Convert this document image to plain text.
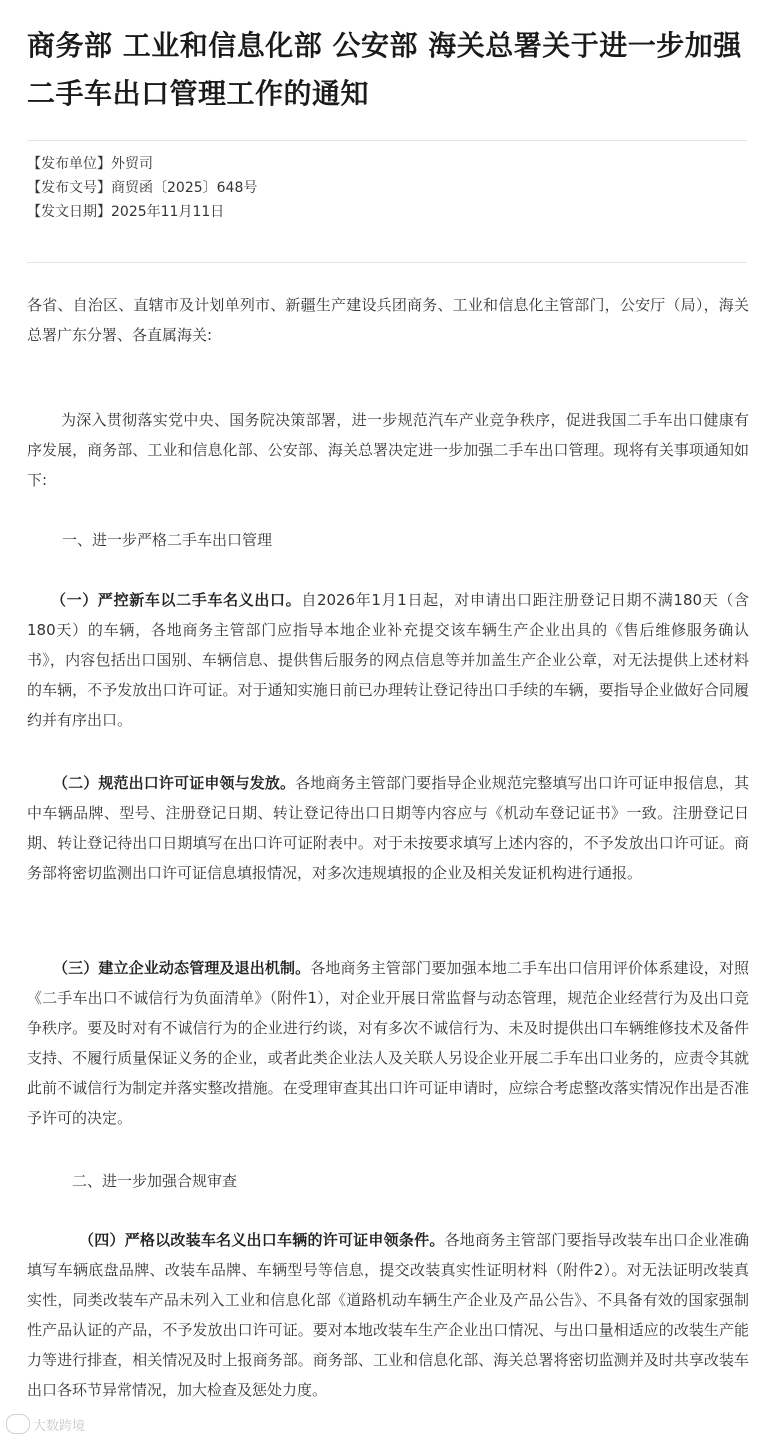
商务部 工业和信息化部 公安部 海关总署关于进一步加强二手车出口管理工作的通知
【发布单位】外贸司
【发布文号】商贸函〔2025〕648号
【发文日期】2025年11月11日

各省、自治区、直辖市及计划单列市、新疆生产建设兵团商务、工业和信息化主管部门，公安厅（局），海关总署广东分署、各直属海关:

为深入贯彻落实党中央、国务院决策部署，进一步规范汽车产业竞争秩序，促进我国二手车出口健康有序发展，商务部、工业和信息化部、公安部、海关总署决定进一步加强二手车出口管理。现将有关事项通知如下:

一、进一步严格二手车出口管理

（一）严控新车以二手车名义出口。自2026年1月1日起，对申请出口距注册登记日期不满180天（含180天）的车辆，各地商务主管部门应指导本地企业补充提交该车辆生产企业出具的《售后维修服务确认书》，内容包括出口国别、车辆信息、提供售后服务的网点信息等并加盖生产企业公章，对无法提供上述材料的车辆，不予发放出口许可证。对于通知实施日前已办理转让登记待出口手续的车辆，要指导企业做好合同履约并有序出口。

（二）规范出口许可证申领与发放。各地商务主管部门要指导企业规范完整填写出口许可证申报信息，其中车辆品牌、型号、注册登记日期、转让登记待出口日期等内容应与《机动车登记证书》一致。注册登记日期、转让登记待出口日期填写在出口许可证附表中。对于未按要求填写上述内容的，不予发放出口许可证。商务部将密切监测出口许可证信息填报情况，对多次违规填报的企业及相关发证机构进行通报。

（三）建立企业动态管理及退出机制。各地商务主管部门要加强本地二手车出口信用评价体系建设，对照《二手车出口不诚信行为负面清单》（附件1），对企业开展日常监督与动态管理，规范企业经营行为及出口竞争秩序。要及时对有不诚信行为的企业进行约谈，对有多次不诚信行为、未及时提供出口车辆维修技术及备件支持、不履行质量保证义务的企业，或者此类企业法人及关联人另设企业开展二手车出口业务的，应责令其就此前不诚信行为制定并落实整改措施。在受理审查其出口许可证申请时，应综合考虑整改落实情况作出是否准予许可的决定。

二、进一步加强合规审查

（四）严格以改装车名义出口车辆的许可证申领条件。各地商务主管部门要指导改装车出口企业准确填写车辆底盘品牌、改装车品牌、车辆型号等信息，提交改装真实性证明材料（附件2）。对无法证明改装真实性，同类改装车产品未列入工业和信息化部《道路机动车辆生产企业及产品公告》、不具备有效的国家强制性产品认证的产品，不予发放出口许可证。要对本地改装车生产企业出口情况、与出口量相适应的改装生产能力等进行排查，相关情况及时上报商务部。商务部、工业和信息化部、海关总署将密切监测并及时共享改装车出口各环节异常情况，加大检查及惩处力度。

大数跨境
